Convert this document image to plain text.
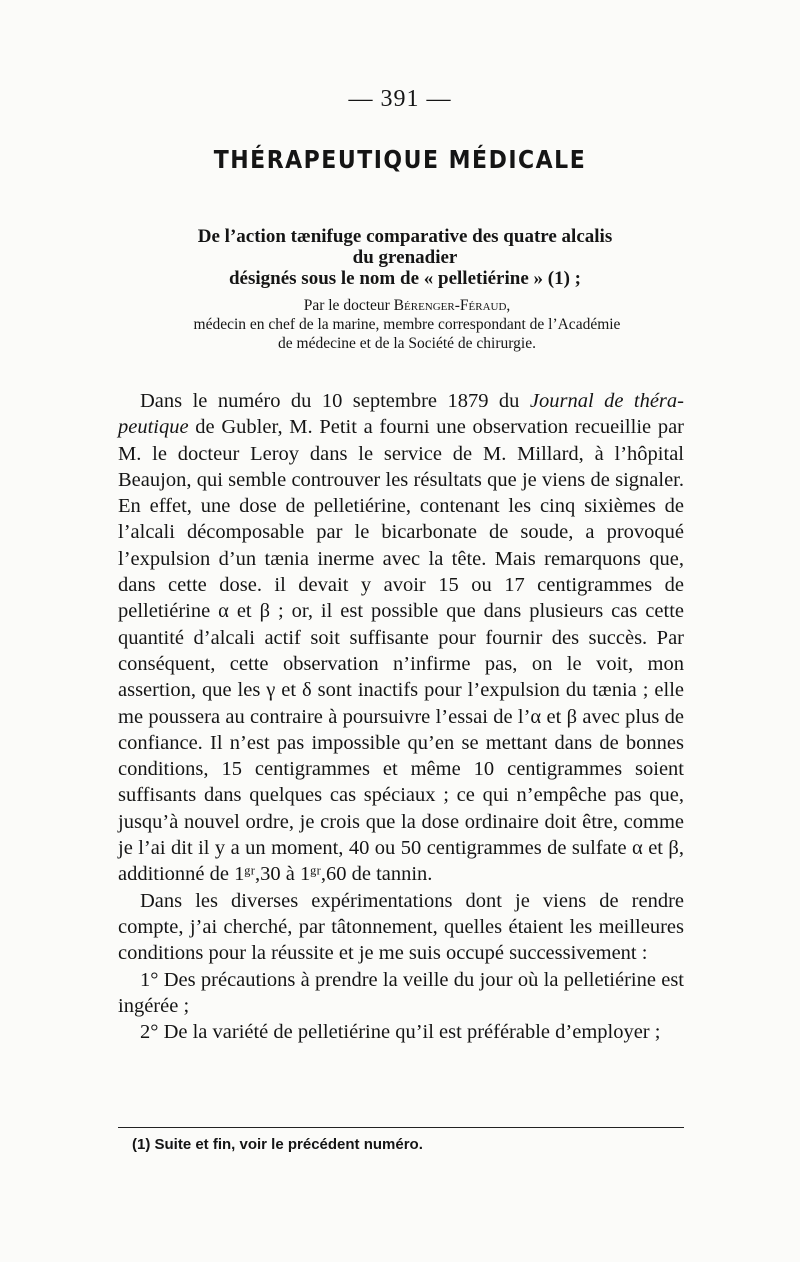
— 391 —
THÉRAPEUTIQUE MÉDICALE
De l’action tænifuge comparative des quatre alcalis
du grenadier
désignés sous le nom de « pelletiérine » (1) ;
Par le docteur Bérenger-Féraud,
médecin en chef de la marine, membre correspondant de l’Académie
de médecine et de la Société de chirurgie.

Dans le numéro du 10 septembre 1879 du Journal de thérapeutique de Gubler, M. Petit a fourni une observation recueillie par M. le docteur Leroy dans le service de M. Millard, à l’hôpital Beaujon, qui semble controuver les résultats que je viens de signaler. En effet, une dose de pelletiérine, contenant les cinq sixièmes de l’alcali décomposable par le bicarbonate de soude, a provoqué l’expulsion d’un tænia inerme avec la tête. Mais remarquons que, dans cette dose. il devait y avoir 15 ou 17 centigrammes de pelletiérine α et β ; or, il est possible que dans plusieurs cas cette quantité d’alcali actif soit suffisante pour fournir des succès. Par conséquent, cette observation n’infirme pas, on le voit, mon assertion, que les γ et δ sont inactifs pour l’expulsion du tænia ; elle me poussera au contraire à poursuivre l’essai de l’α et β avec plus de confiance. Il n’est pas impossible qu’en se mettant dans de bonnes conditions, 15 centigrammes et même 10 centigrammes soient suffisants dans quelques cas spéciaux ; ce qui n’empêche pas que, jusqu’à nouvel ordre, je crois que la dose ordinaire doit être, comme je l’ai dit il y a un moment, 40 ou 50 centigrammes de sulfate α et β, additionné de 1ᵍʳ,30 à 1ᵍʳ,60 de tannin.

Dans les diverses expérimentations dont je viens de rendre compte, j’ai cherché, par tâtonnement, quelles étaient les meilleures conditions pour la réussite et je me suis occupé successivement :

1° Des précautions à prendre la veille du jour où la pelletiérine est ingérée ;

2° De la variété de pelletiérine qu’il est préférable d’employer ;

(1) Suite et fin, voir le précédent numéro.
